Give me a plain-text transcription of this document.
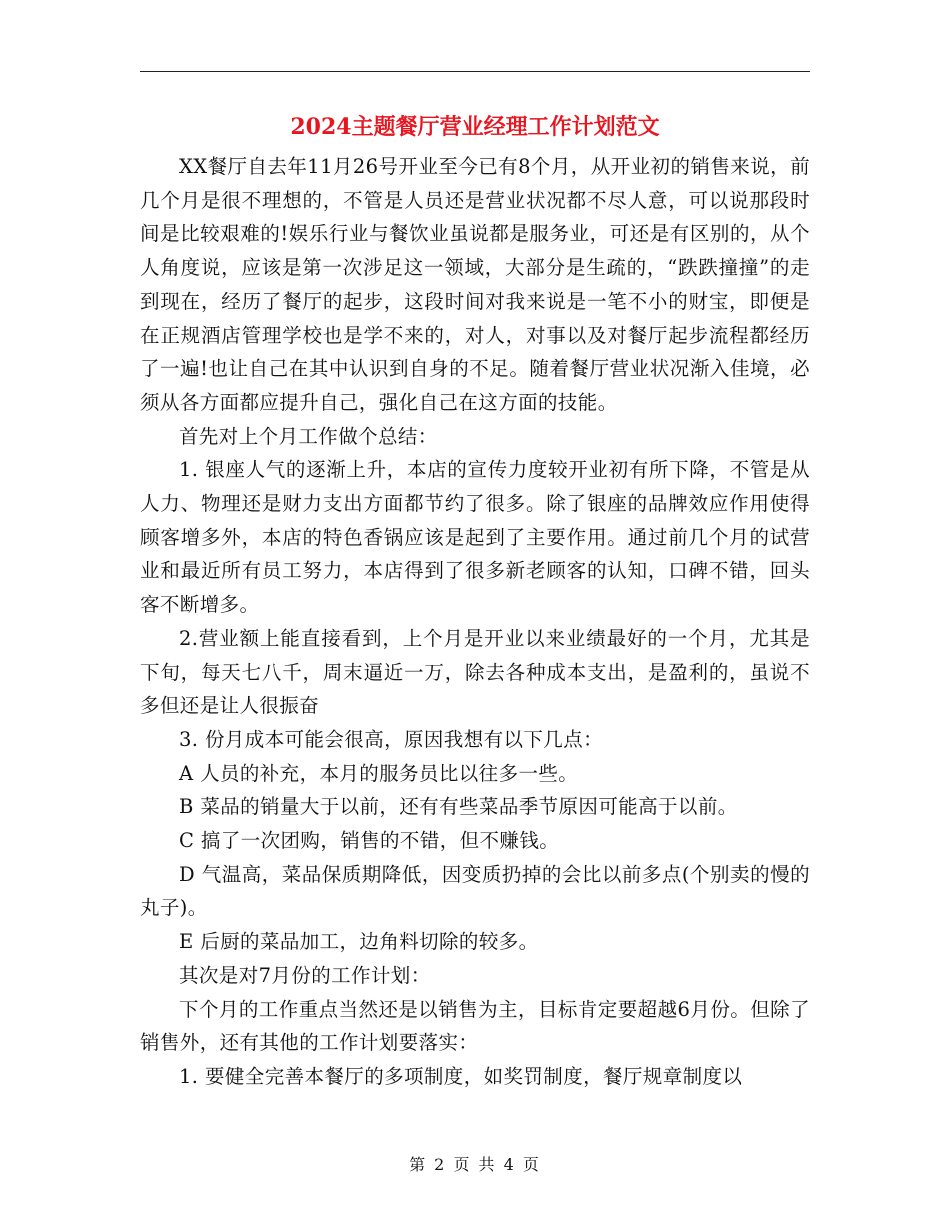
2024主题餐厅营业经理工作计划范文

XX餐厅自去年11月26号开业至今已有8个月，从开业初的销售来说，前几个月是很不理想的，不管是人员还是营业状况都不尽人意，可以说那段时间是比较艰难的!娱乐行业与餐饮业虽说都是服务业，可还是有区别的，从个人角度说，应该是第一次涉足这一领域，大部分是生疏的，“跌跌撞撞”的走到现在，经历了餐厅的起步，这段时间对我来说是一笔不小的财宝，即便是在正规酒店管理学校也是学不来的，对人，对事以及对餐厅起步流程都经历了一遍!也让自己在其中认识到自身的不足。随着餐厅营业状况渐入佳境，必须从各方面都应提升自己，强化自己在这方面的技能。

首先对上个月工作做个总结：

1. 银座人气的逐渐上升，本店的宣传力度较开业初有所下降，不管是从人力、物理还是财力支出方面都节约了很多。除了银座的品牌效应作用使得顾客增多外，本店的特色香锅应该是起到了主要作用。通过前几个月的试营业和最近所有员工努力，本店得到了很多新老顾客的认知，口碑不错，回头客不断增多。

2.营业额上能直接看到，上个月是开业以来业绩最好的一个月，尤其是下旬，每天七八千，周末逼近一万，除去各种成本支出，是盈利的，虽说不多但还是让人很振奋

3. 份月成本可能会很高，原因我想有以下几点：

A 人员的补充，本月的服务员比以往多一些。

B 菜品的销量大于以前，还有有些菜品季节原因可能高于以前。

C 搞了一次团购，销售的不错，但不赚钱。

D 气温高，菜品保质期降低，因变质扔掉的会比以前多点(个别卖的慢的丸子)。

E 后厨的菜品加工，边角料切除的较多。

其次是对7月份的工作计划：

下个月的工作重点当然还是以销售为主，目标肯定要超越6月份。但除了销售外，还有其他的工作计划要落实：

1. 要健全完善本餐厅的多项制度，如奖罚制度，餐厅规章制度以

第 2 页 共 4 页
